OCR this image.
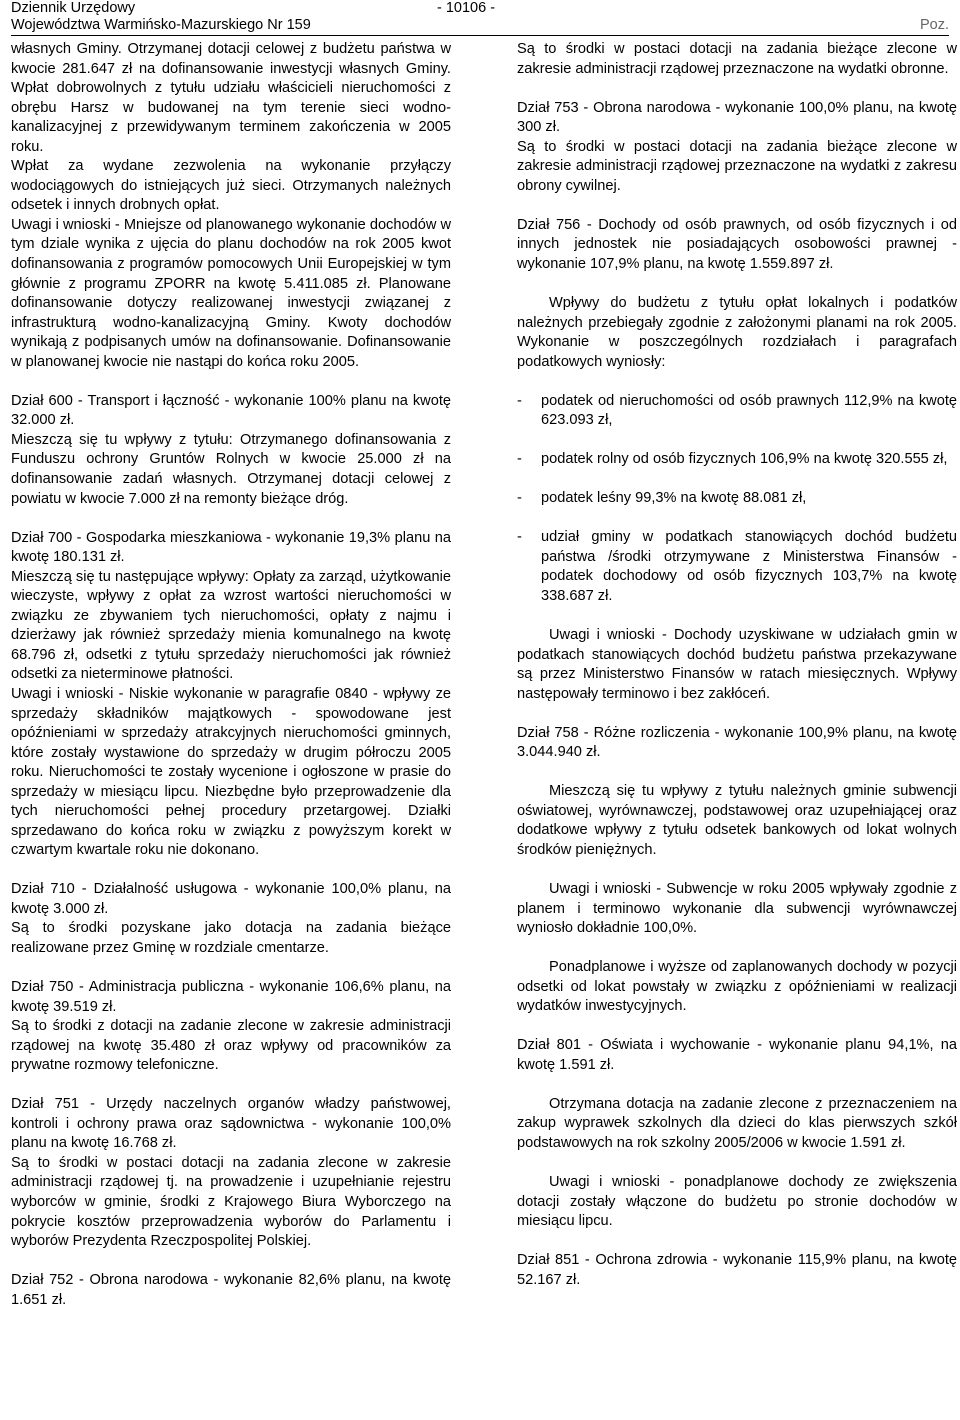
Dziennik Urzędowy
Województwa Warmińsko-Mazurskiego Nr 159
- 10106 -
Poz.

własnych Gminy. Otrzymanej dotacji celowej z budżetu państwa w kwocie 281.647 zł na dofinansowanie inwestycji własnych Gminy. Wpłat dobrowolnych z tytułu udziału właścicieli nieruchomości z obrębu Harsz w budowanej na tym terenie sieci wodno-kanalizacyjnej z przewidywanym terminem zakończenia w 2005 roku.

Wpłat za wydane zezwolenia na wykonanie przyłączy wodociągowych do istniejących już sieci. Otrzymanych należnych odsetek i innych drobnych opłat.

Uwagi i wnioski - Mniejsze od planowanego wykonanie dochodów w tym dziale wynika z ujęcia do planu dochodów na rok 2005 kwot dofinansowania z programów pomocowych Unii Europejskiej w tym głównie z programu ZPORR na kwotę 5.411.085 zł. Planowane dofinansowanie dotyczy realizowanej inwestycji związanej z infrastrukturą wodno-kanalizacyjną Gminy. Kwoty dochodów wynikają z podpisanych umów na dofinansowanie. Dofinansowanie w planowanej kwocie nie nastąpi do końca roku 2005.

Dział 600 - Transport i łączność - wykonanie 100% planu na kwotę 32.000 zł.

Mieszczą się tu wpływy z tytułu: Otrzymanego dofinansowania z Funduszu ochrony Gruntów Rolnych w kwocie 25.000 zł na dofinansowanie zadań własnych. Otrzymanej dotacji celowej z powiatu w kwocie 7.000 zł na remonty bieżące dróg.

Dział 700 - Gospodarka mieszkaniowa - wykonanie 19,3% planu na kwotę 180.131 zł.

Mieszczą się tu następujące wpływy: Opłaty za zarząd, użytkowanie wieczyste, wpływy z opłat za wzrost wartości nieruchomości w związku ze zbywaniem tych nieruchomości, opłaty z najmu i dzierżawy jak również sprzedaży mienia komunalnego na kwotę 68.796 zł, odsetki z tytułu sprzedaży nieruchomości jak również odsetki za nieterminowe płatności.

Uwagi i wnioski - Niskie wykonanie w paragrafie 0840 - wpływy ze sprzedaży składników majątkowych - spowodowane jest opóźnieniami w sprzedaży atrakcyjnych nieruchomości gminnych, które zostały wystawione do sprzedaży w drugim półroczu 2005 roku. Nieruchomości te zostały wycenione i ogłoszone w prasie do sprzedaży w miesiącu lipcu. Niezbędne było przeprowadzenie dla tych nieruchomości pełnej procedury przetargowej. Działki sprzedawano do końca roku w związku z powyższym korekt w czwartym kwartale roku nie dokonano.

Dział 710 - Działalność usługowa - wykonanie 100,0% planu, na kwotę 3.000 zł.

Są to środki pozyskane jako dotacja na zadania bieżące realizowane przez Gminę w rozdziale cmentarze.

Dział 750 - Administracja publiczna - wykonanie 106,6% planu, na kwotę 39.519 zł.

Są to środki z dotacji na zadanie zlecone w zakresie administracji rządowej na kwotę 35.480 zł oraz wpływy od pracowników za prywatne rozmowy telefoniczne.

Dział 751 - Urzędy naczelnych organów władzy państwowej, kontroli i ochrony prawa oraz sądownictwa - wykonanie 100,0% planu na kwotę 16.768 zł.

Są to środki w postaci dotacji na zadania zlecone w zakresie administracji rządowej tj. na prowadzenie i uzupełnianie rejestru wyborców w gminie, środki z Krajowego Biura Wyborczego na pokrycie kosztów przeprowadzenia wyborów do Parlamentu i wyborów Prezydenta Rzeczpospolitej Polskiej.

Dział 752 - Obrona narodowa - wykonanie 82,6% planu, na kwotę 1.651 zł.

Są to środki w postaci dotacji na zadania bieżące zlecone w zakresie administracji rządowej przeznaczone na wydatki obronne.

Dział 753 - Obrona narodowa - wykonanie 100,0% planu, na kwotę 300 zł.

Są to środki w postaci dotacji na zadania bieżące zlecone w zakresie administracji rządowej przeznaczone na wydatki z zakresu obrony cywilnej.

Dział 756 - Dochody od osób prawnych, od osób fizycznych i od innych jednostek nie posiadających osobowości prawnej - wykonanie 107,9% planu, na kwotę 1.559.897 zł.

Wpływy do budżetu z tytułu opłat lokalnych i podatków należnych przebiegały zgodnie z założonymi planami na rok 2005. Wykonanie w poszczególnych rozdziałach i paragrafach podatkowych wyniosły:

- podatek od nieruchomości od osób prawnych 112,9% na kwotę 623.093 zł,
- podatek rolny od osób fizycznych 106,9% na kwotę 320.555 zł,
- podatek leśny 99,3% na kwotę 88.081 zł,
- udział gminy w podatkach stanowiących dochód budżetu państwa /środki otrzymywane z Ministerstwa Finansów - podatek dochodowy od osób fizycznych 103,7% na kwotę 338.687 zł.

Uwagi i wnioski - Dochody uzyskiwane w udziałach gmin w podatkach stanowiących dochód budżetu państwa przekazywane są przez Ministerstwo Finansów w ratach miesięcznych. Wpływy następowały terminowo i bez zakłóceń.

Dział 758 - Różne rozliczenia - wykonanie 100,9% planu, na kwotę 3.044.940 zł.

Mieszczą się tu wpływy z tytułu należnych gminie subwencji oświatowej, wyrównawczej, podstawowej oraz uzupełniającej oraz dodatkowe wpływy z tytułu odsetek bankowych od lokat wolnych środków pieniężnych.

Uwagi i wnioski - Subwencje w roku 2005 wpływały zgodnie z planem i terminowo wykonanie dla subwencji wyrównawczej wyniosło dokładnie 100,0%.

Ponadplanowe i wyższe od zaplanowanych dochody w pozycji odsetki od lokat powstały w związku z opóźnieniami w realizacji wydatków inwestycyjnych.

Dział 801 - Oświata i wychowanie - wykonanie planu 94,1%, na kwotę 1.591 zł.

Otrzymana dotacja na zadanie zlecone z przeznaczeniem na zakup wyprawek szkolnych dla dzieci do klas pierwszych szkół podstawowych na rok szkolny 2005/2006 w kwocie 1.591 zł.

Uwagi i wnioski - ponadplanowe dochody ze zwiększenia dotacji zostały włączone do budżetu po stronie dochodów w miesiącu lipcu.

Dział 851 - Ochrona zdrowia - wykonanie 115,9% planu, na kwotę 52.167 zł.
